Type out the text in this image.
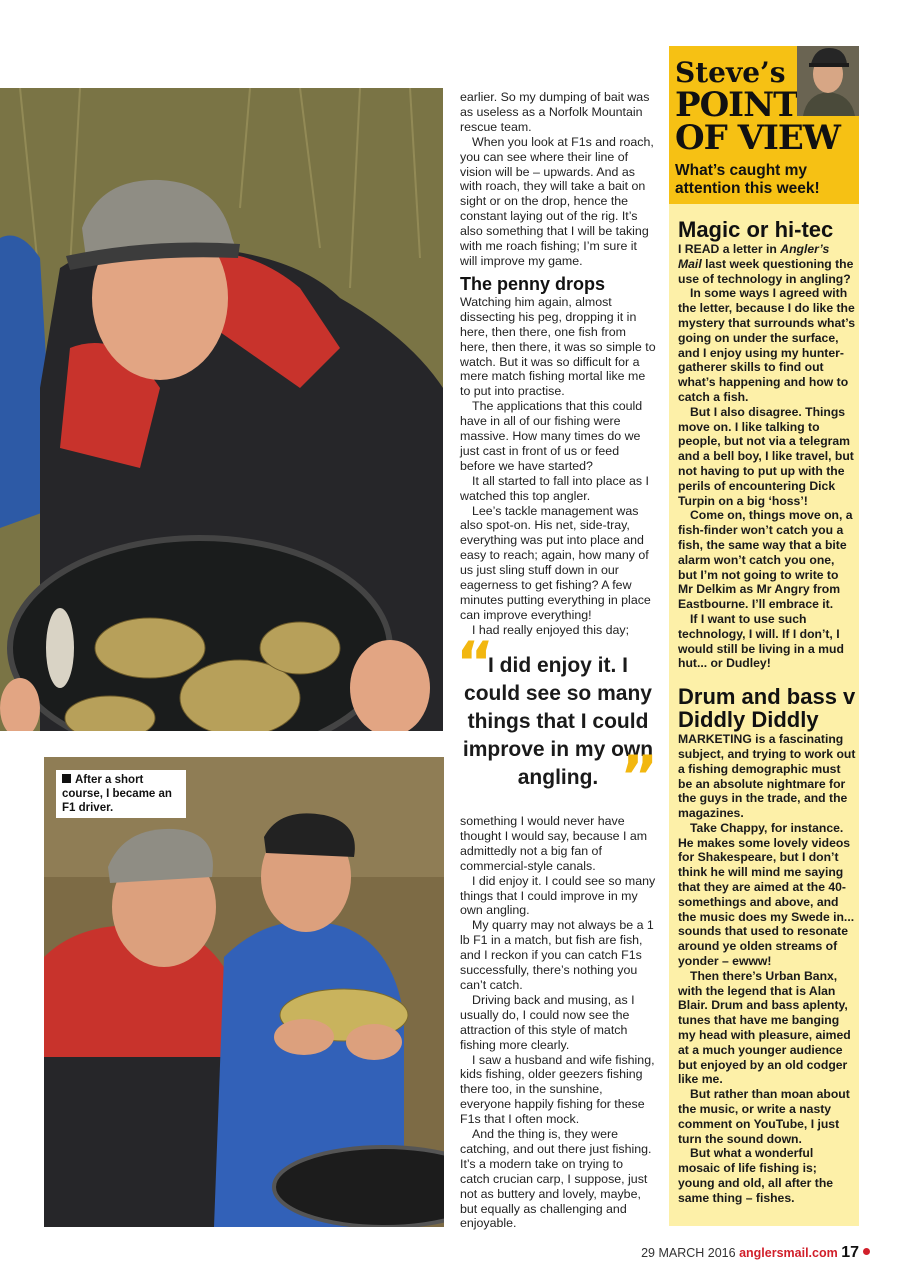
After a short course, I became an F1 driver.

earlier. So my dumping of bait was as useless as a Norfolk Mountain rescue team.

When you look at F1s and roach, you can see where their line of vision will be – upwards. And as with roach, they will take a bait on sight or on the drop, hence the constant laying out of the rig. It’s also something that I will be taking with me roach fishing; I’m sure it will improve my game.

The penny drops

Watching him again, almost dissecting his peg, dropping it in here, then there, one fish from here, then there, it was so simple to watch. But it was so difficult for a mere match fishing mortal like me to put into practise.

The applications that this could have in all of our fishing were massive. How many times do we just cast in front of us or feed before we have started?

It all started to fall into place as I watched this top angler.

Lee’s tackle management was also spot-on. His net, side-tray, everything was put into place and easy to reach; again, how many of us just sling stuff down in our eagerness to get fishing? A few minutes putting everything in place can improve everything!

I had really enjoyed this day;

“
I did enjoy it. I could see so many things that I could improve in my own angling. ”

something I would never have thought I would say, because I am admittedly not a big fan of commercial-style canals.

I did enjoy it. I could see so many things that I could improve in my own angling.

My quarry may not always be a 1 lb F1 in a match, but fish are fish, and I reckon if you can catch F1s successfully, there’s nothing you can’t catch.

Driving back and musing, as I usually do, I could now see the attraction of this style of match fishing more clearly.

I saw a husband and wife fishing, kids fishing, older geezers fishing there too, in the sunshine, everyone happily fishing for these F1s that I often mock.

And the thing is, they were catching, and out there just fishing. It’s a modern take on trying to catch crucian carp, I suppose, just not as buttery and lovely, maybe, but equally as challenging and enjoyable.

Steve’s
POINT
OF VIEW
What’s caught my attention this week!
Magic or hi-tec

I READ a letter in Angler’s Mail last week questioning the use of technology in angling?

In some ways I agreed with the letter, because I do like the mystery that surrounds what’s going on under the surface, and I enjoy using my hunter-gatherer skills to find out what’s happening and how to catch a fish.

But I also disagree. Things move on. I like talking to people, but not via a telegram and a bell boy, I like travel, but not having to put up with the perils of encountering Dick Turpin on a big ‘hoss’!

Come on, things move on, a fish-finder won’t catch you a fish, the same way that a bite alarm won’t catch you one, but I’m not going to write to Mr Delkim as Mr Angry from Eastbourne. I’ll embrace it.

If I want to use such technology, I will. If I don’t, I would still be living in a mud hut... or Dudley!

Drum and bass v Diddly Diddly

MARKETING is a fascinating subject, and trying to work out a fishing demographic must be an absolute nightmare for the guys in the trade, and the magazines.

Take Chappy, for instance. He makes some lovely videos for Shakespeare, but I don’t think he will mind me saying that they are aimed at the 40-somethings and above, and the music does my Swede in... sounds that used to resonate around ye olden streams of yonder – ewww!

Then there’s Urban Banx, with the legend that is Alan Blair. Drum and bass aplenty, tunes that have me banging my head with pleasure, aimed at a much younger audience but enjoyed by an old codger like me.

But rather than moan about the music, or write a nasty comment on YouTube, I just turn the sound down.

But what a wonderful mosaic of life fishing is; young and old, all after the same thing – fishes.

29 MARCH 2016 anglersmail.com 17
